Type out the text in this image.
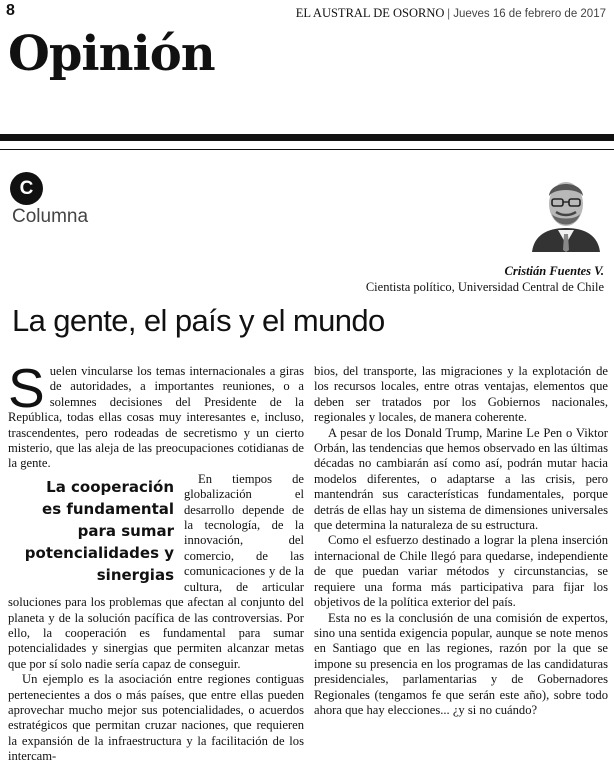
8	EL AUSTRAL DE OSORNO | Jueves 16 de febrero de 2017
Opinión
C
Columna
Cristián Fuentes V.
Cientista político, Universidad Central de Chile
La gente, el país y el mundo

Suelen vincularse los temas internacionales a giras de autoridades, a importantes reuniones, o a solemnes decisiones del Presidente de la República, todas ellas cosas muy interesantes e, incluso, trascendentes, pero rodeadas de secretismo y un cierto misterio, que las aleja de las preocupaciones cotidianas de la gente.

La cooperación es fundamental para sumar potencialidades y sinergias

En tiempos de globalización el desarrollo depende de la tecnología, de la innovación, del comercio, de las comunicaciones y de la cultura, de articular soluciones para los problemas que afectan al conjunto del planeta y de la solución pacífica de las controversias. Por ello, la cooperación es fundamental para sumar potencialidades y sinergias que permiten alcanzar metas que por sí solo nadie sería capaz de conseguir.

Un ejemplo es la asociación entre regiones contiguas pertenecientes a dos o más países, que entre ellas pueden aprovechar mucho mejor sus potencialidades, o acuerdos estratégicos que permitan cruzar naciones, que requieren la expansión de la infraestructura y la facilitación de los intercam-

bios, del transporte, las migraciones y la explotación de los recursos locales, entre otras ventajas, elementos que deben ser tratados por los Gobiernos nacionales, regionales y locales, de manera coherente.

A pesar de los Donald Trump, Marine Le Pen o Viktor Orbán, las tendencias que hemos observado en las últimas décadas no cambiarán así como así, podrán mutar hacia modelos diferentes, o adaptarse a las crisis, pero mantendrán sus características fundamentales, porque detrás de ellas hay un sistema de dimensiones universales que determina la naturaleza de su estructura.

Como el esfuerzo destinado a lograr la plena inserción internacional de Chile llegó para quedarse, independiente de que puedan variar métodos y circunstancias, se requiere una forma más participativa para fijar los objetivos de la política exterior del país.

Esta no es la conclusión de una comisión de expertos, sino una sentida exigencia popular, aunque se note menos en Santiago que en las regiones, razón por la que se impone su presencia en los programas de las candidaturas presidenciales, parlamentarias y de Gobernadores Regionales (tengamos fe que serán este año), sobre todo ahora que hay elecciones... ¿y si no cuándo?
